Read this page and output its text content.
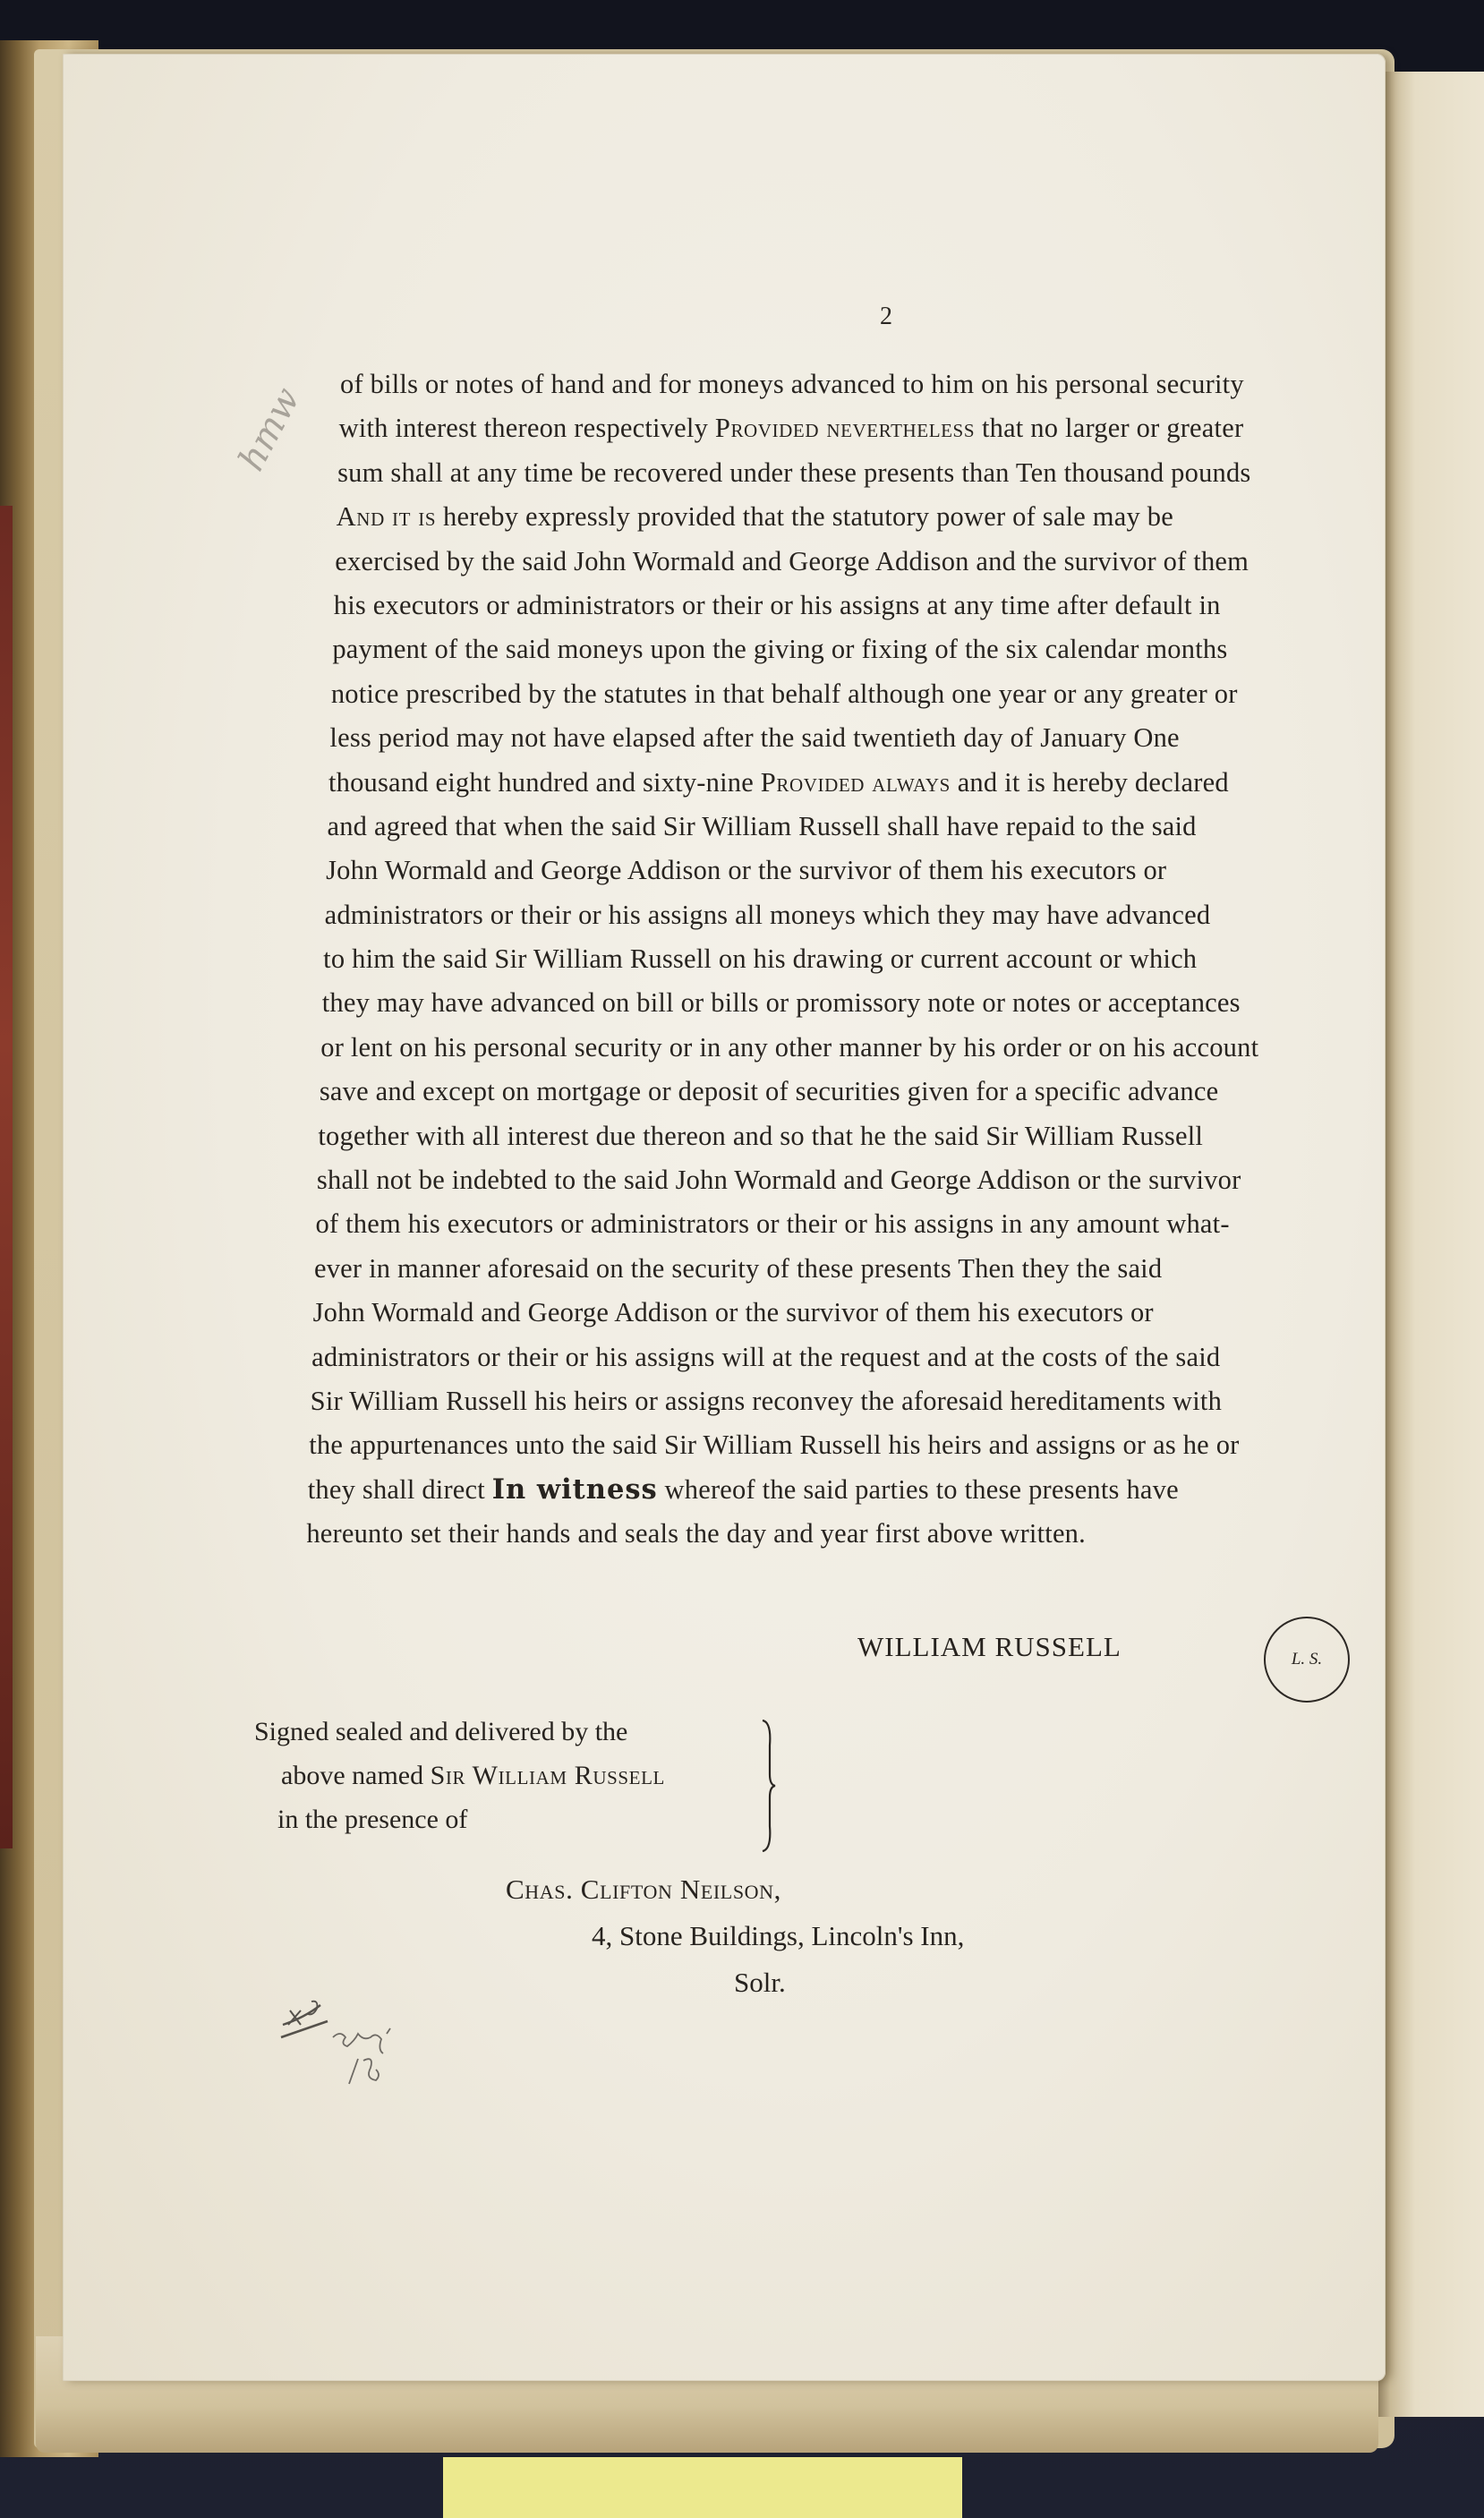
2
hmw of bills or notes of hand and for moneys advanced to him on his personal security
with interest thereon respectively Provided nevertheless that no larger or greater
sum shall at any time be recovered under these presents than Ten thousand pounds
And it is hereby expressly provided that the statutory power of sale may be
exercised by the said John Wormald and George Addison and the survivor of them
his executors or administrators or their or his assigns at any time after default in
payment of the said moneys upon the giving or fixing of the six calendar months
notice prescribed by the statutes in that behalf although one year or any greater or
less period may not have elapsed after the said twentieth day of January One
thousand eight hundred and sixty-nine Provided always and it is hereby declared
and agreed that when the said Sir William Russell shall have repaid to the said
John Wormald and George Addison or the survivor of them his executors or
administrators or their or his assigns all moneys which they may have advanced
to him the said Sir William Russell on his drawing or current account or which
they may have advanced on bill or bills or promissory note or notes or acceptances
or lent on his personal security or in any other manner by his order or on his account
save and except on mortgage or deposit of securities given for a specific advance
together with all interest due thereon and so that he the said Sir William Russell
shall not be indebted to the said John Wormald and George Addison or the survivor
of them his executors or administrators or their or his assigns in any amount what-
ever in manner aforesaid on the security of these presents Then they the said
John Wormald and George Addison or the survivor of them his executors or
administrators or their or his assigns will at the request and at the costs of the said
Sir William Russell his heirs or assigns reconvey the aforesaid hereditaments with
the appurtenances unto the said Sir William Russell his heirs and assigns or as he or
they shall direct In witness whereof the said parties to these presents have
hereunto set their hands and seals the day and year first above written.
WILLIAM RUSSELL	L. S.
Signed sealed and delivered by the
above named Sir William Russell
in the presence of
Chas. Clifton Neilson,
4, Stone Buildings, Lincoln's Inn,
Solr.
